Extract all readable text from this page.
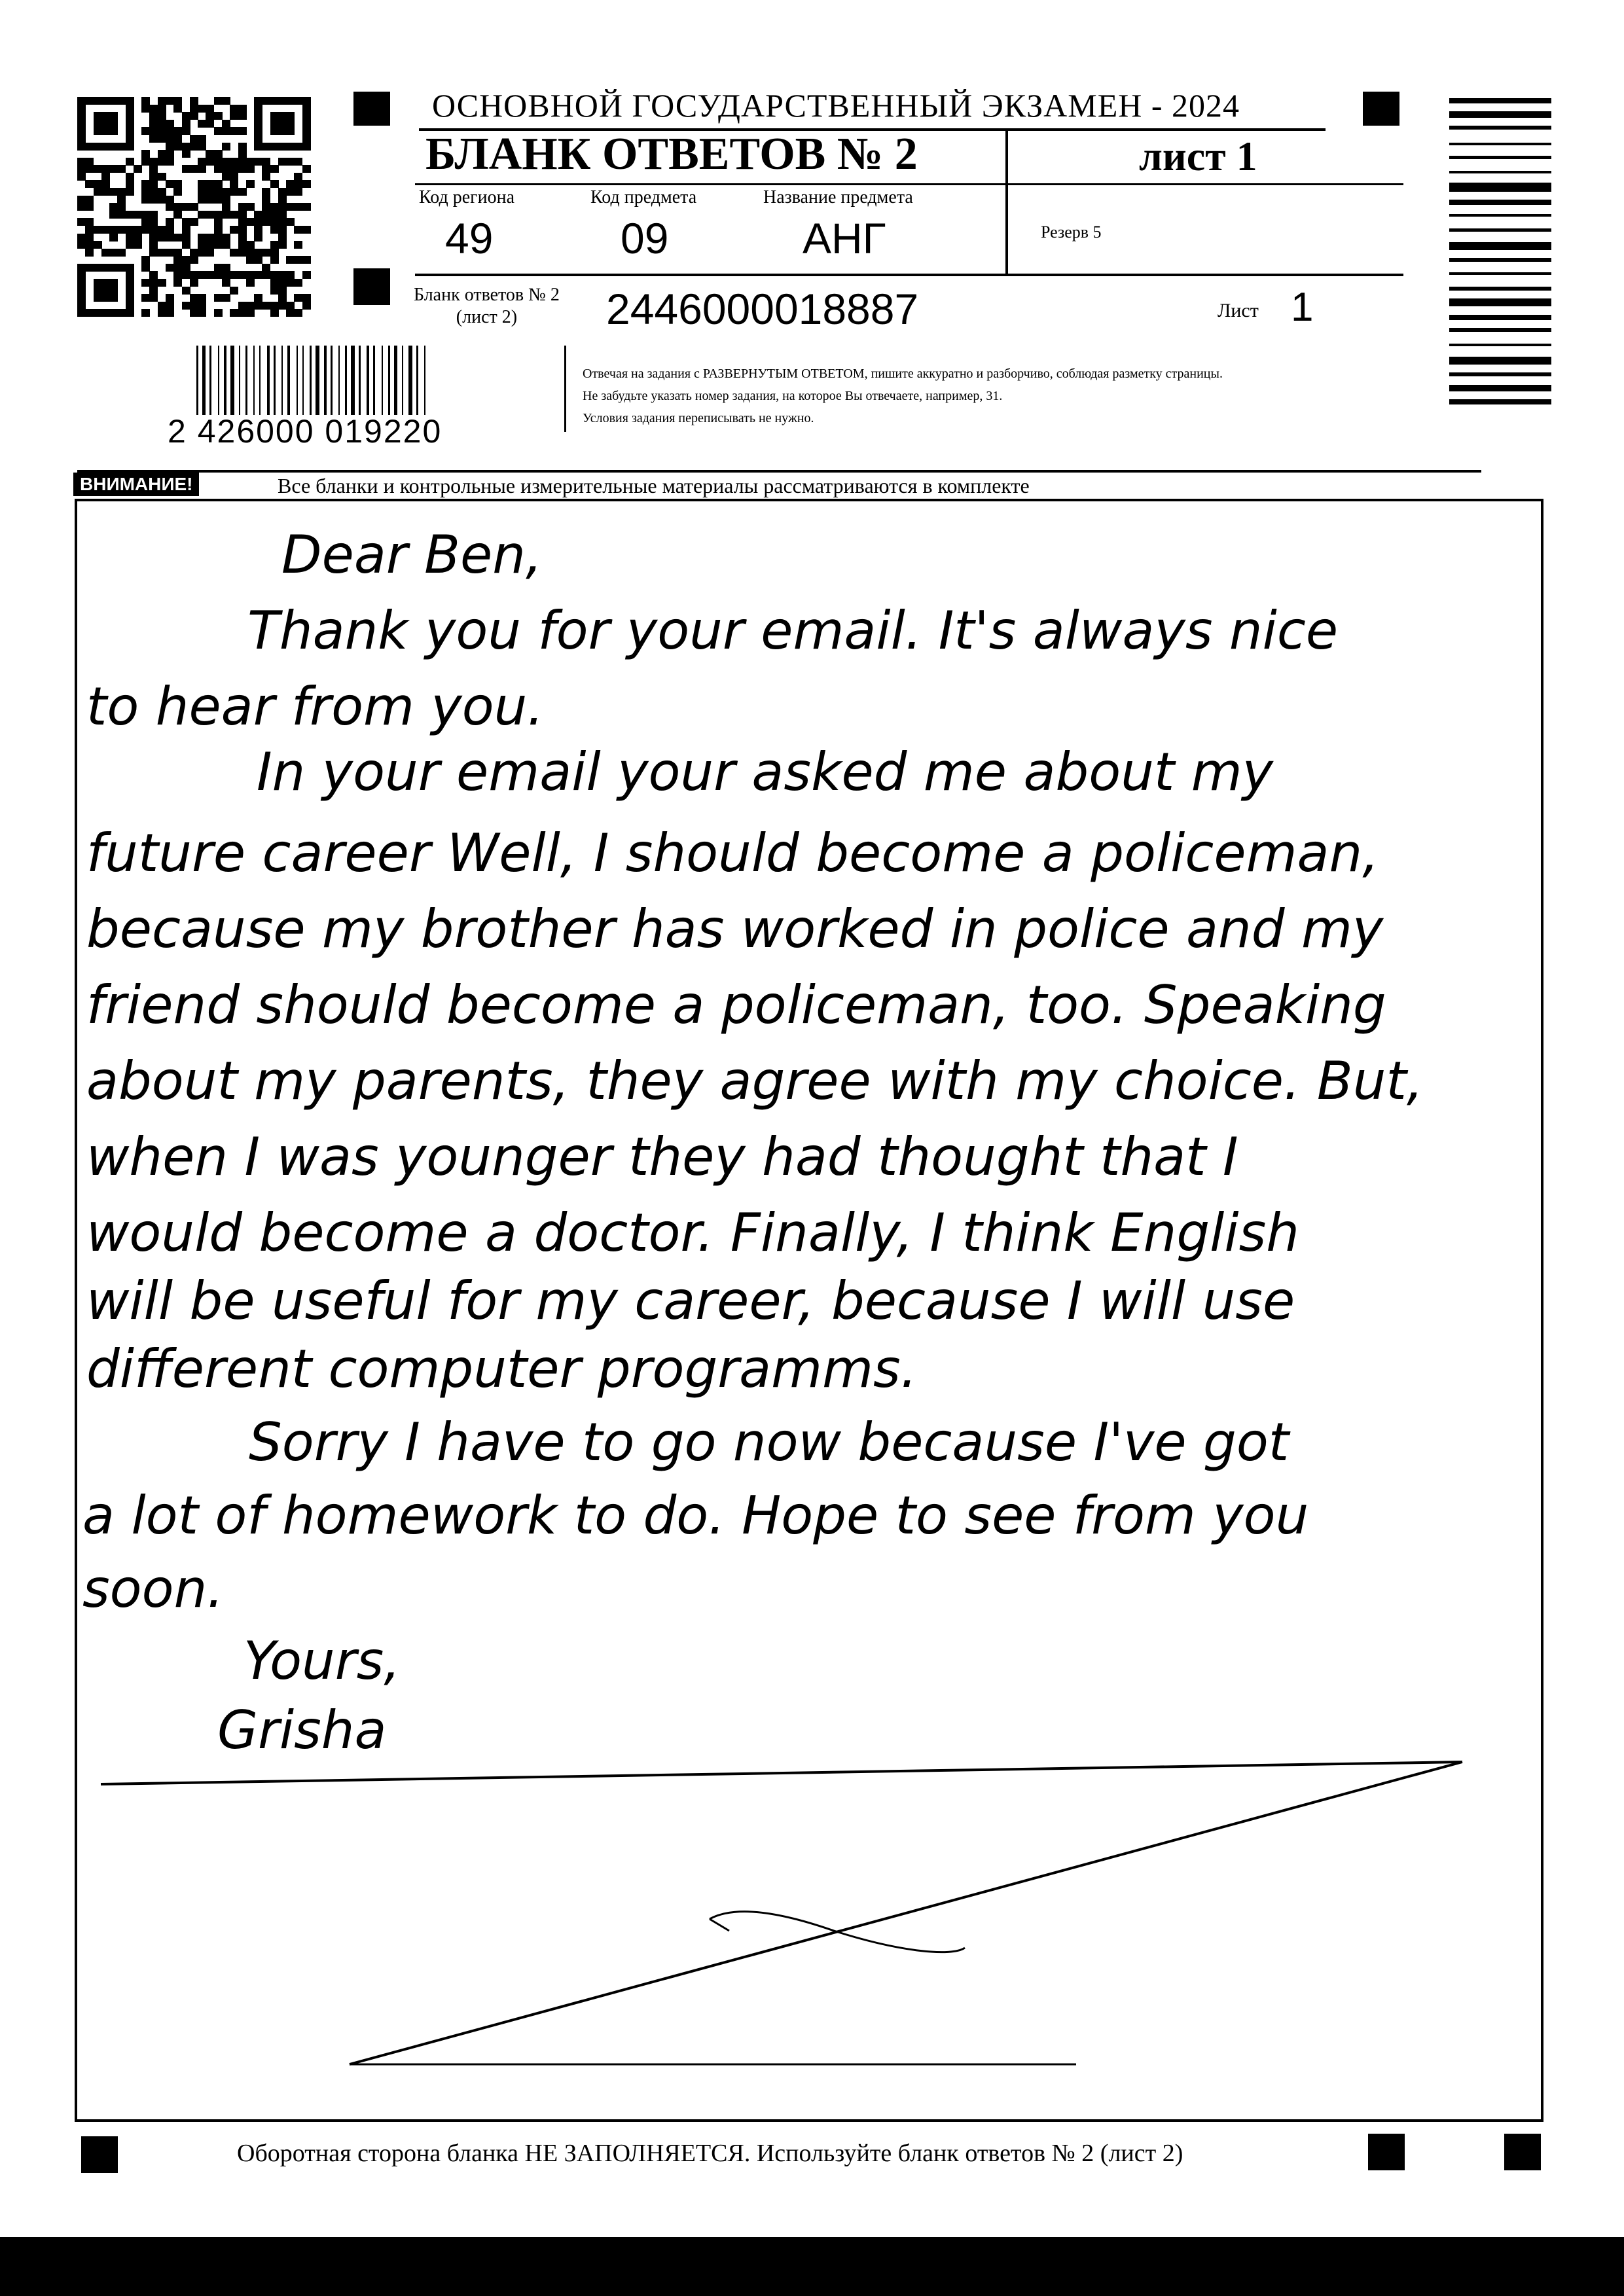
ОСНОВНОЙ ГОСУДАРСТВЕННЫЙ ЭКЗАМЕН - 2024
БЛАНК ОТВЕТОВ № 2	лист 1
Код региона
49
Код предмета
09
Название предмета
АНГ	Резерв 5
Бланк ответов № 2
(лист 2)	2446000018887	Лист 1
2 426000 019220
Отвечая на задания с РАЗВЕРНУТЫМ ОТВЕТОМ, пишите аккуратно и разборчиво, соблюдая разметку страницы.
Не забудьте указать номер задания, на которое Вы отвечаете, например, 31.
Условия задания переписывать не нужно.
ВНИМАНИЕ!	Все бланки и контрольные измерительные материалы рассматриваются в комплекте
Dear Ben,
Thank you for your email. It's always nice
to hear from you.
In your email your asked me about my
future career Well, I should become a policeman,
because my brother has worked in police and my
friend should become a policeman, too. Speaking
about my parents, they agree with my choice. But,
when I was younger they had thought that I
would become a doctor. Finally, I think English
will be useful for my career, because I will use
different computer programms.
Sorry I have to go now because I've got
a lot of homework to do. Hope to see from you
soon.
Yours,
Grisha
Оборотная сторона бланка НЕ ЗАПОЛНЯЕТСЯ. Используйте бланк ответов № 2 (лист 2)
